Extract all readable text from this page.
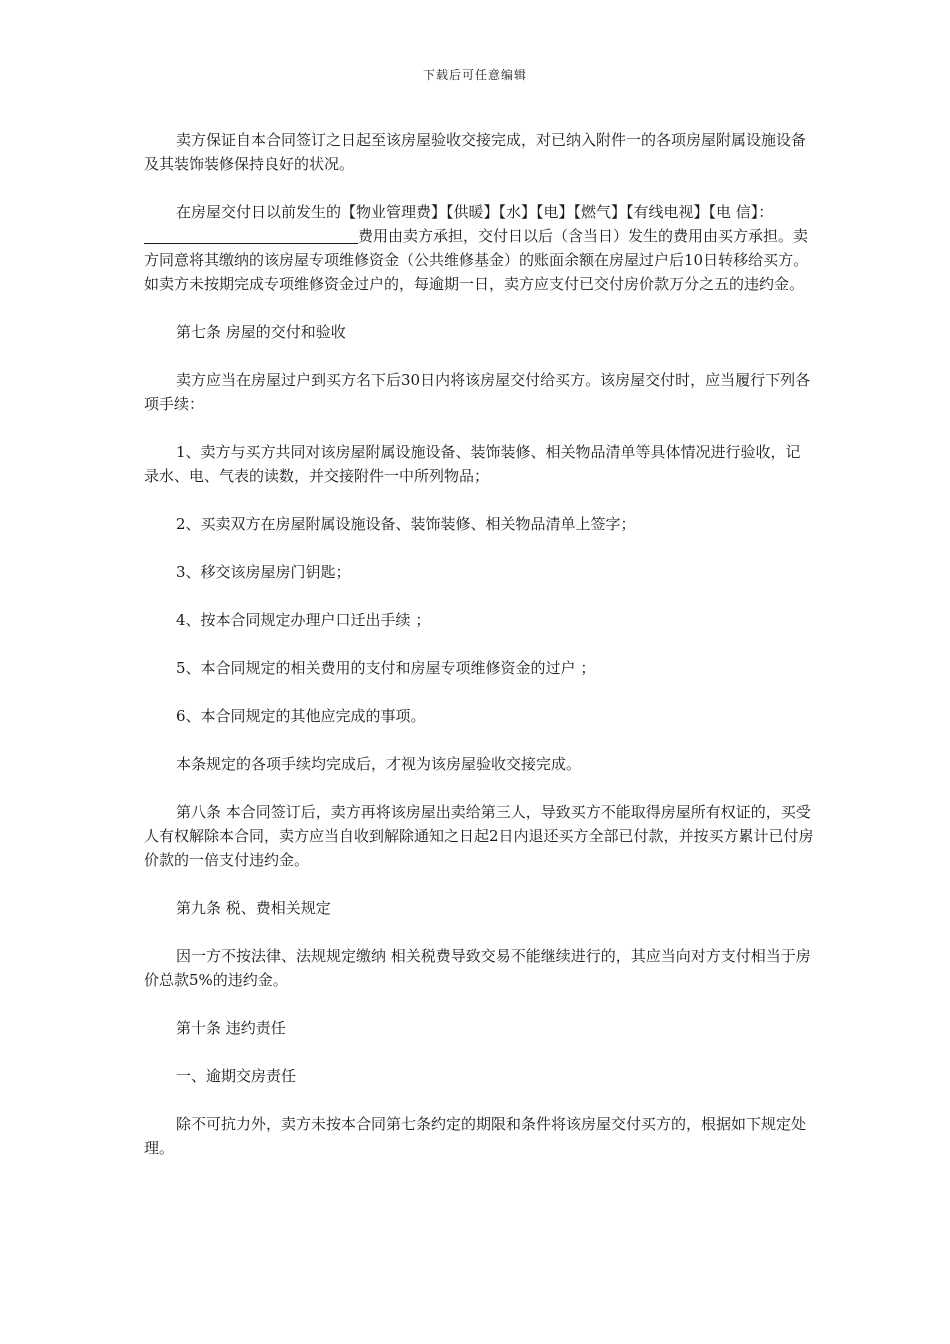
下载后可任意编辑

卖方保证自本合同签订之日起至该房屋验收交接完成，对已纳入附件一的各项房屋附属设施设备及其装饰装修保持良好的状况。

在房屋交付日以前发生的【物业管理费】【供暖】【水】【电】【燃气】【有线电视】【电 信】：费用由卖方承担，交付日以后（含当日）发生的费用由买方承担。卖方同意将其缴纳的该房屋专项维修资金（公共维修基金）的账面余额在房屋过户后10日转移给买方。如卖方未按期完成专项维修资金过户的，每逾期一日，卖方应支付已交付房价款万分之五的违约金。

第七条 房屋的交付和验收

卖方应当在房屋过户到买方名下后30日内将该房屋交付给买方。该房屋交付时，应当履行下列各项手续：

1、卖方与买方共同对该房屋附属设施设备、装饰装修、相关物品清单等具体情况进行验收，记录水、电、气表的读数，并交接附件一中所列物品；

2、买卖双方在房屋附属设施设备、装饰装修、相关物品清单上签字；

3、移交该房屋房门钥匙；

4、按本合同规定办理户口迁出手续 ；

5、本合同规定的相关费用的支付和房屋专项维修资金的过户 ；

6、本合同规定的其他应完成的事项。

本条规定的各项手续均完成后，才视为该房屋验收交接完成。

第八条 本合同签订后，卖方再将该房屋出卖给第三人，导致买方不能取得房屋所有权证的，买受人有权解除本合同，卖方应当自收到解除通知之日起2日内退还买方全部已付款，并按买方累计已付房价款的一倍支付违约金。

第九条 税、费相关规定

因一方不按法律、法规规定缴纳 相关税费导致交易不能继续进行的，其应当向对方支付相当于房价总款5%的违约金。

第十条 违约责任

一、逾期交房责任

除不可抗力外，卖方未按本合同第七条约定的期限和条件将该房屋交付买方的，根据如下规定处理。
